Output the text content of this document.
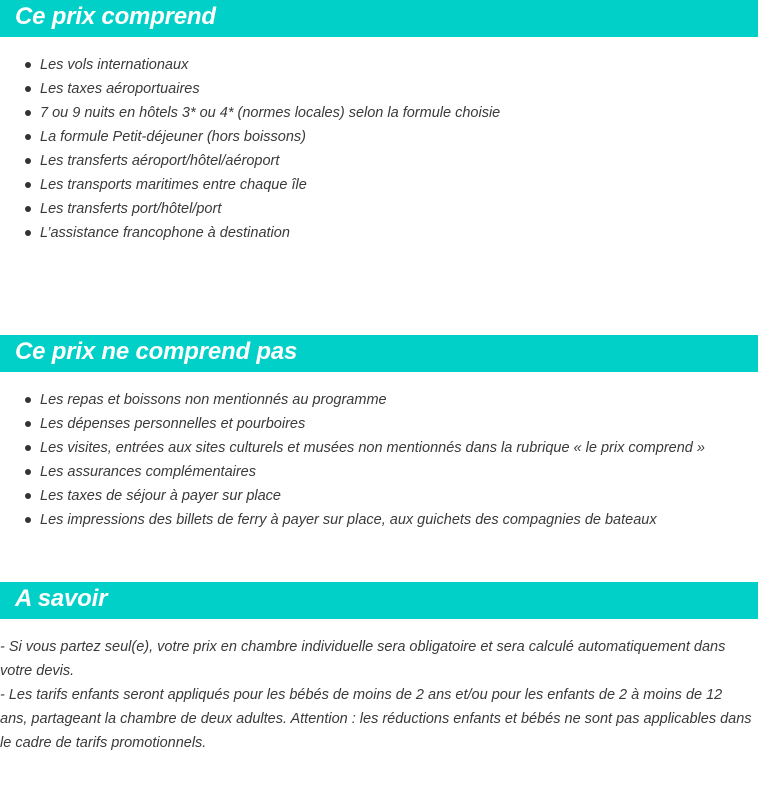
Ce prix comprend
Les vols internationaux
Les taxes aéroportuaires
7 ou 9 nuits en hôtels 3* ou 4* (normes locales) selon la formule choisie
La formule Petit-déjeuner (hors boissons)
Les transferts aéroport/hôtel/aéroport
Les transports maritimes entre chaque île
Les transferts port/hôtel/port
L’assistance francophone à destination
Ce prix ne comprend pas
Les repas et boissons non mentionnés au programme
Les dépenses personnelles et pourboires
Les visites, entrées aux sites culturels et musées non mentionnés dans la rubrique « le prix comprend »
Les assurances complémentaires
Les taxes de séjour à payer sur place
Les impressions des billets de ferry à payer sur place, aux guichets des compagnies de bateaux
A savoir

- Si vous partez seul(e), votre prix en chambre individuelle sera obligatoire et sera calculé automatiquement dans votre devis.

- Les tarifs enfants seront appliqués pour les bébés de moins de 2 ans et/ou pour les enfants de 2 à moins de 12 ans, partageant la chambre de deux adultes. Attention : les réductions enfants et bébés ne sont pas applicables dans le cadre de tarifs promotionnels.
